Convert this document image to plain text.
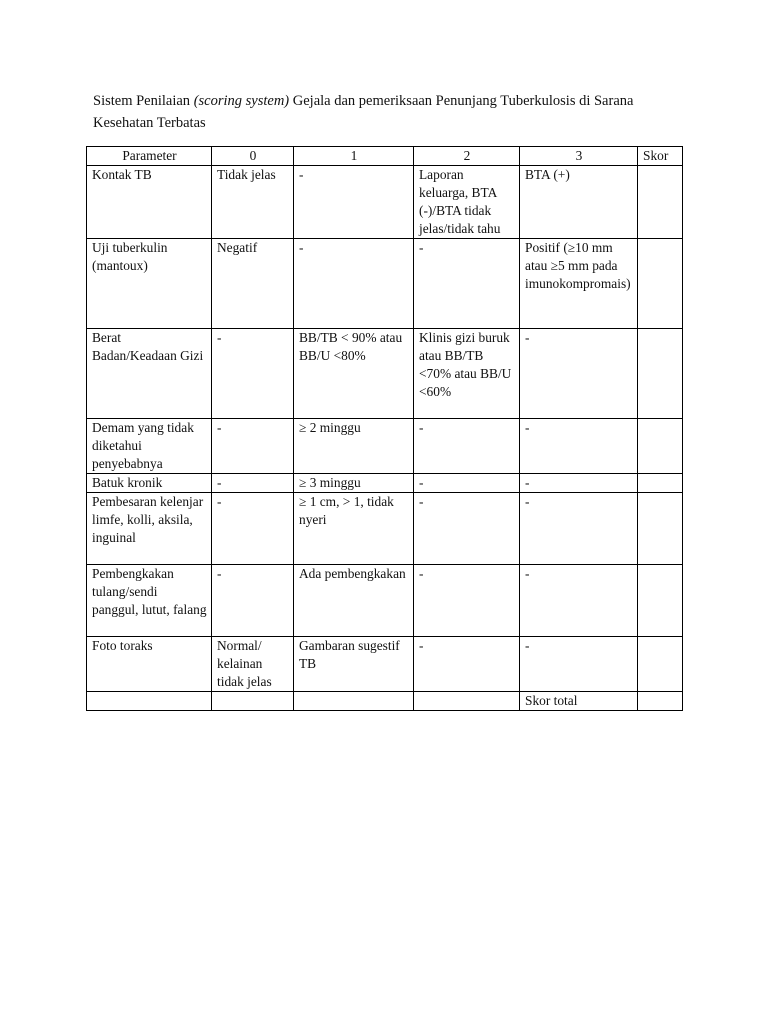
Sistem Penilaian (scoring system) Gejala dan pemeriksaan Penunjang Tuberkulosis di Sarana Kesehatan Terbatas
Parameter	0	1	2	3	Skor
Kontak TB	Tidak jelas	-	Laporan keluarga, BTA (-)/BTA tidak jelas/tidak tahu	BTA (+)	
Uji tuberkulin (mantoux)	Negatif	-	-	Positif (≥10 mm atau ≥5 mm pada imunokompromais)	
Berat Badan/Keadaan Gizi	-	BB/TB < 90% atau BB/U <80%	Klinis gizi buruk atau BB/TB <70% atau BB/U <60%	-	
Demam yang tidak diketahui penyebabnya	-	≥ 2 minggu	-	-	
Batuk kronik	-	≥ 3 minggu	-	-	
Pembesaran kelenjar limfe, kolli, aksila, inguinal	-	≥ 1 cm, > 1, tidak nyeri	-	-	
Pembengkakan tulang/sendi panggul, lutut, falang	-	Ada pembengkakan	-	-	
Foto toraks	Normal/ kelainan tidak jelas	Gambaran sugestif TB	-	-	
				Skor total	
